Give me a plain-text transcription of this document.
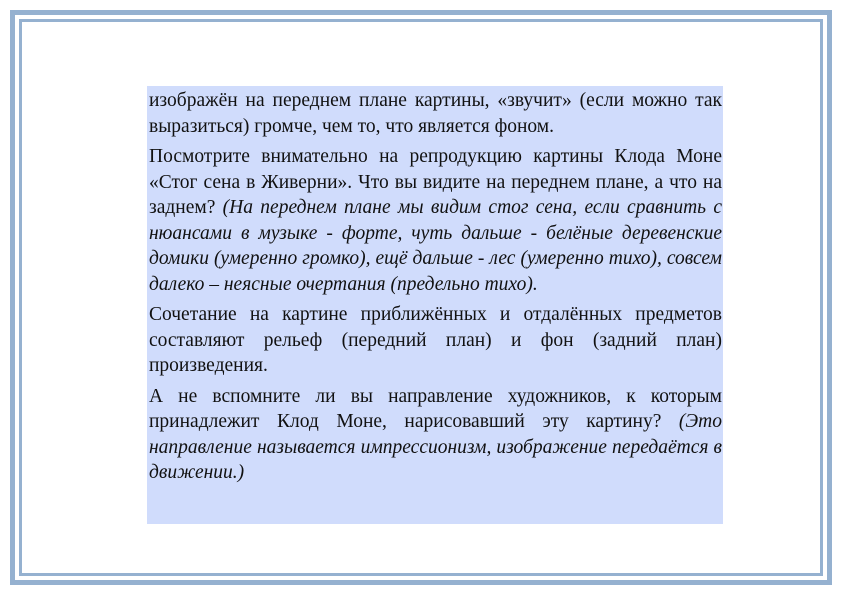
изображён на переднем плане картины, «звучит» (если можно так выразиться) громче, чем то, что является фоном.

Посмотрите внимательно на репродукцию картины Клода Моне «Стог сена в Живерни». Что вы видите на переднем плане, а что на заднем? (На переднем плане мы видим стог сена, если сравнить с нюансами в музыке - форте, чуть дальше - белёные деревенские домики (умеренно громко), ещё дальше - лес (умеренно тихо), совсем далеко – неясные очертания (предельно тихо).

Сочетание на картине приближённых и отдалённых предметов составляют рельеф (передний план) и фон (задний план) произведения.

А не вспомните ли вы направление художников, к которым принадлежит Клод Моне, нарисовавший эту картину? (Это направление называется импрессионизм, изображение передаётся в движении.)
